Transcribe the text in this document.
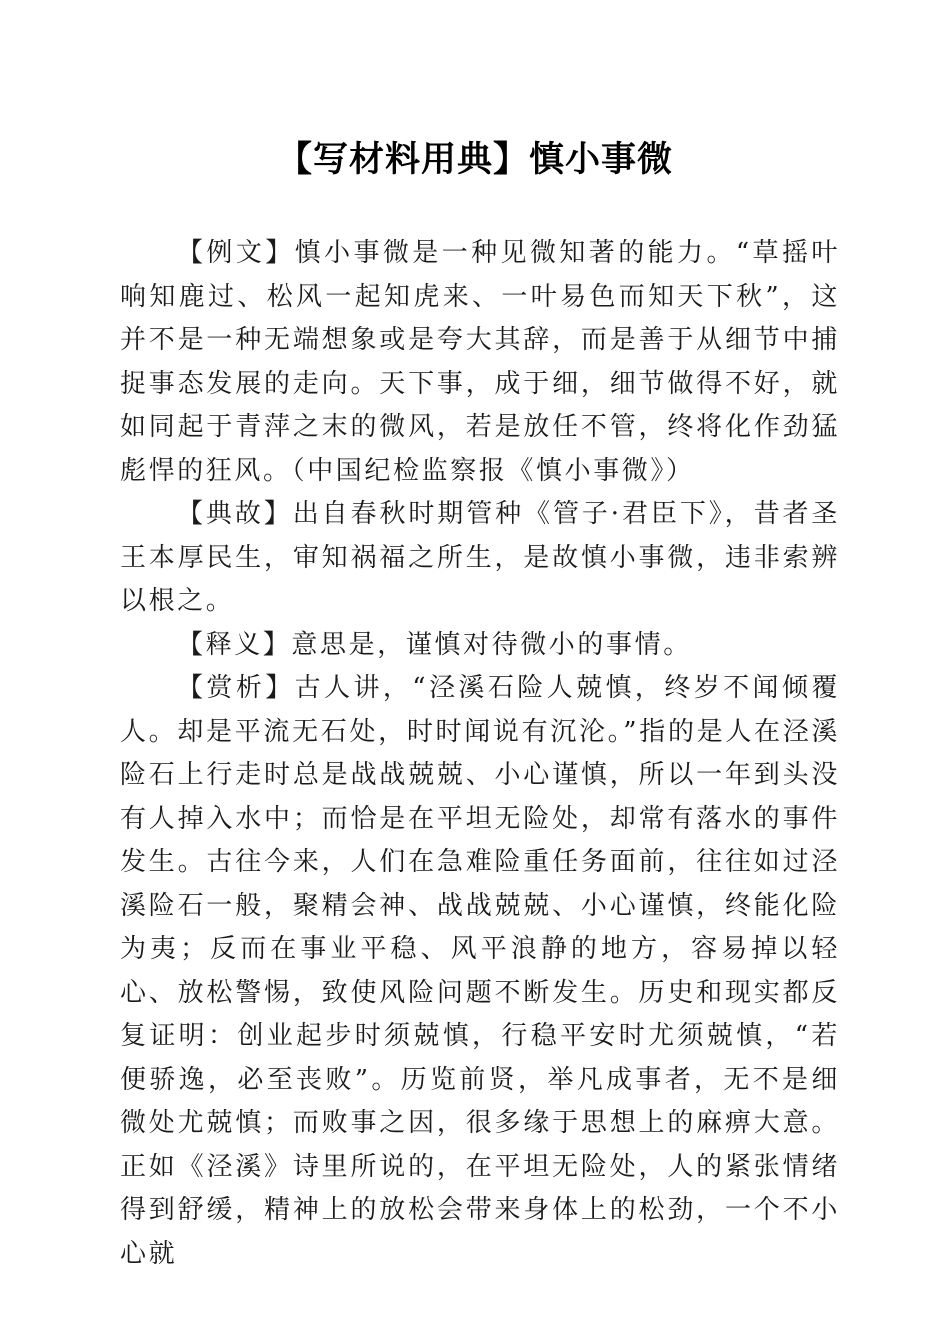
【写材料用典】慎小事微

【例文】慎小事微是一种见微知著的能力。“草摇叶响知鹿过、松风一起知虎来、一叶易色而知天下秋”，这并不是一种无端想象或是夸大其辞，而是善于从细节中捕捉事态发展的走向。天下事，成于细，细节做得不好，就如同起于青萍之末的微风，若是放任不管，终将化作劲猛彪悍的狂风。（中国纪检监察报《慎小事微》）

【典故】出自春秋时期管种《管子·君臣下》，昔者圣王本厚民生，审知祸福之所生，是故慎小事微，违非索辨以根之。

【释义】意思是，谨慎对待微小的事情。

【赏析】古人讲，“泾溪石险人兢慎，终岁不闻倾覆人。却是平流无石处，时时闻说有沉沦。”指的是人在泾溪险石上行走时总是战战兢兢、小心谨慎，所以一年到头没有人掉入水中；而恰是在平坦无险处，却常有落水的事件发生。古往今来，人们在急难险重任务面前，往往如过泾溪险石一般，聚精会神、战战兢兢、小心谨慎，终能化险为夷；反而在事业平稳、风平浪静的地方，容易掉以轻心、放松警惕，致使风险问题不断发生。历史和现实都反复证明：创业起步时须兢慎，行稳平安时尤须兢慎，“若便骄逸，必至丧败”。历览前贤，举凡成事者，无不是细微处尤兢慎；而败事之因，很多缘于思想上的麻痹大意。正如《泾溪》诗里所说的，在平坦无险处，人的紧张情绪得到舒缓，精神上的放松会带来身体上的松劲，一个不小心就
